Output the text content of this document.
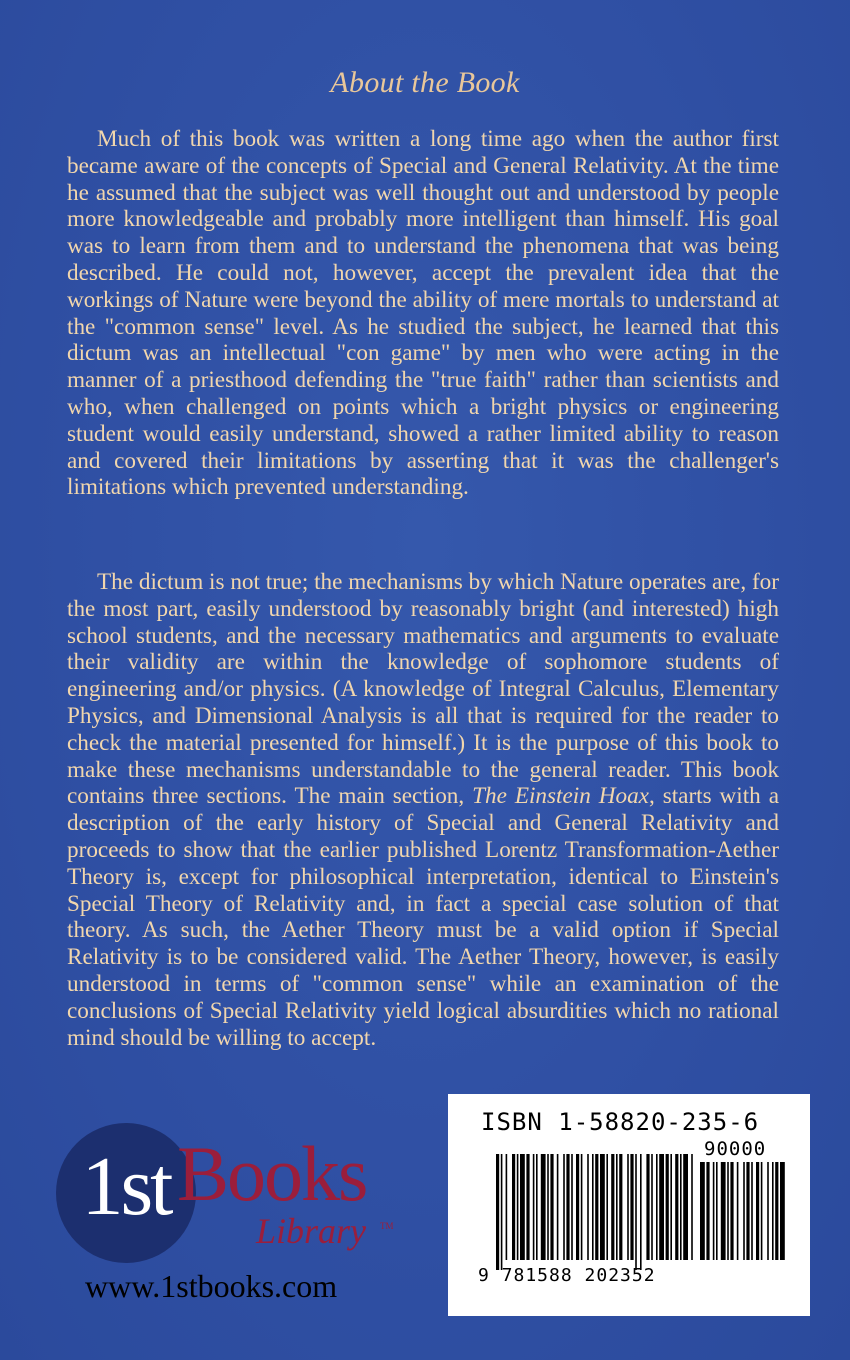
About the Book

Much of this book was written a long time ago when the author first became aware of the concepts of Special and General Relativity. At the time he assumed that the subject was well thought out and understood by people more knowledgeable and probably more intelligent than himself. His goal was to learn from them and to understand the phenomena that was being described. He could not, however, accept the prevalent idea that the workings of Nature were beyond the ability of mere mortals to understand at the "common sense" level. As he studied the subject, he learned that this dictum was an intellectual "con game" by men who were acting in the manner of a priesthood defending the "true faith" rather than scientists and who, when challenged on points which a bright physics or engineering student would easily understand, showed a rather limited ability to reason and covered their limitations by asserting that it was the challenger's limitations which prevented understanding.

The dictum is not true; the mechanisms by which Nature operates are, for the most part, easily understood by reasonably bright (and interested) high school students, and the necessary mathematics and arguments to evaluate their validity are within the knowledge of sophomore students of engineering and/or physics. (A knowledge of Integral Calculus, Elementary Physics, and Dimensional Analysis is all that is required for the reader to check the material presented for himself.) It is the purpose of this book to make these mechanisms understandable to the general reader. This book contains three sections. The main section, The Einstein Hoax, starts with a description of the early history of Special and General Relativity and proceeds to show that the earlier published Lorentz Transformation-Aether Theory is, except for philosophical interpretation, identical to Einstein's Special Theory of Relativity and, in fact a special case solution of that theory. As such, the Aether Theory must be a valid option if Special Relativity is to be considered valid. The Aether Theory, however, is easily understood in terms of "common sense" while an examination of the conclusions of Special Relativity yield logical absurdities which no rational mind should be willing to accept.

1st Books
Library TM
www.1stbooks.com
ISBN 1-58820-235-6
90000
9 781588 202352
